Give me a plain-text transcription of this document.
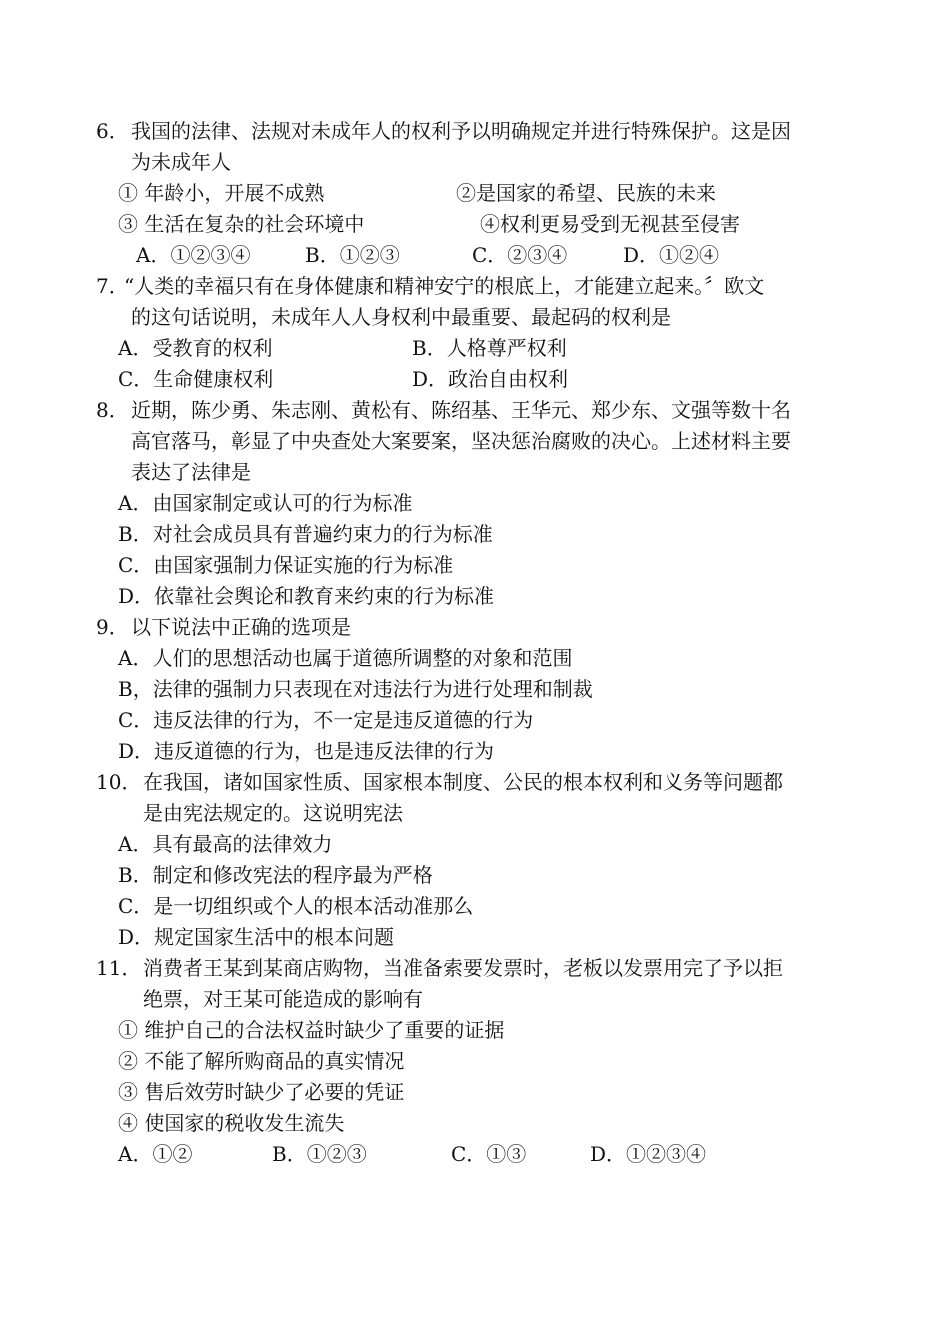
6． 我国的法律、法规对未成年人的权利予以明确规定并进行特殊保护。这是因
为未成年人
① 年龄小，开展不成熟	②是国家的希望、民族的未来
③ 生活在复杂的社会环境中	④权利更易受到无视甚至侵害
A．①②③④	B．①②③	C．②③④	D．①②④
7．
“人类的幸福只有在身体健康和精神安宁的根底上，才能建立起来。〞欧文
的这句话说明，未成年人人身权利中最重要、最起码的权利是
A．受教育的权利	B．人格尊严权利
C．生命健康权利	D．政治自由权利
8． 近期，陈少勇、朱志刚、黄松有、陈绍基、王华元、郑少东、文强等数十名
高官落马，彰显了中央查处大案要案，坚决惩治腐败的决心。上述材料主要
表达了法律是
A．由国家制定或认可的行为标准
B．对社会成员具有普遍约束力的行为标准
C．由国家强制力保证实施的行为标准
D．依靠社会舆论和教育来约束的行为标准
9． 以下说法中正确的选项是
A．人们的思想活动也属于道德所调整的对象和范围
B，法律的强制力只表现在对违法行为进行处理和制裁
C．违反法律的行为，不一定是违反道德的行为
D．违反道德的行为，也是违反法律的行为
10． 在我国，诸如国家性质、国家根本制度、公民的根本权利和义务等问题都
是由宪法规定的。这说明宪法
A．具有最高的法律效力
B．制定和修改宪法的程序最为严格
C．是一切组织或个人的根本活动准那么
D．规定国家生活中的根本问题
11． 消费者王某到某商店购物，当准备索要发票时，老板以发票用完了予以拒
绝票，对王某可能造成的影响有
① 维护自己的合法权益时缺少了重要的证据
② 不能了解所购商品的真实情况
③ 售后效劳时缺少了必要的凭证
④ 使国家的税收发生流失
A．①②	B．①②③	C．①③	D．①②③④
